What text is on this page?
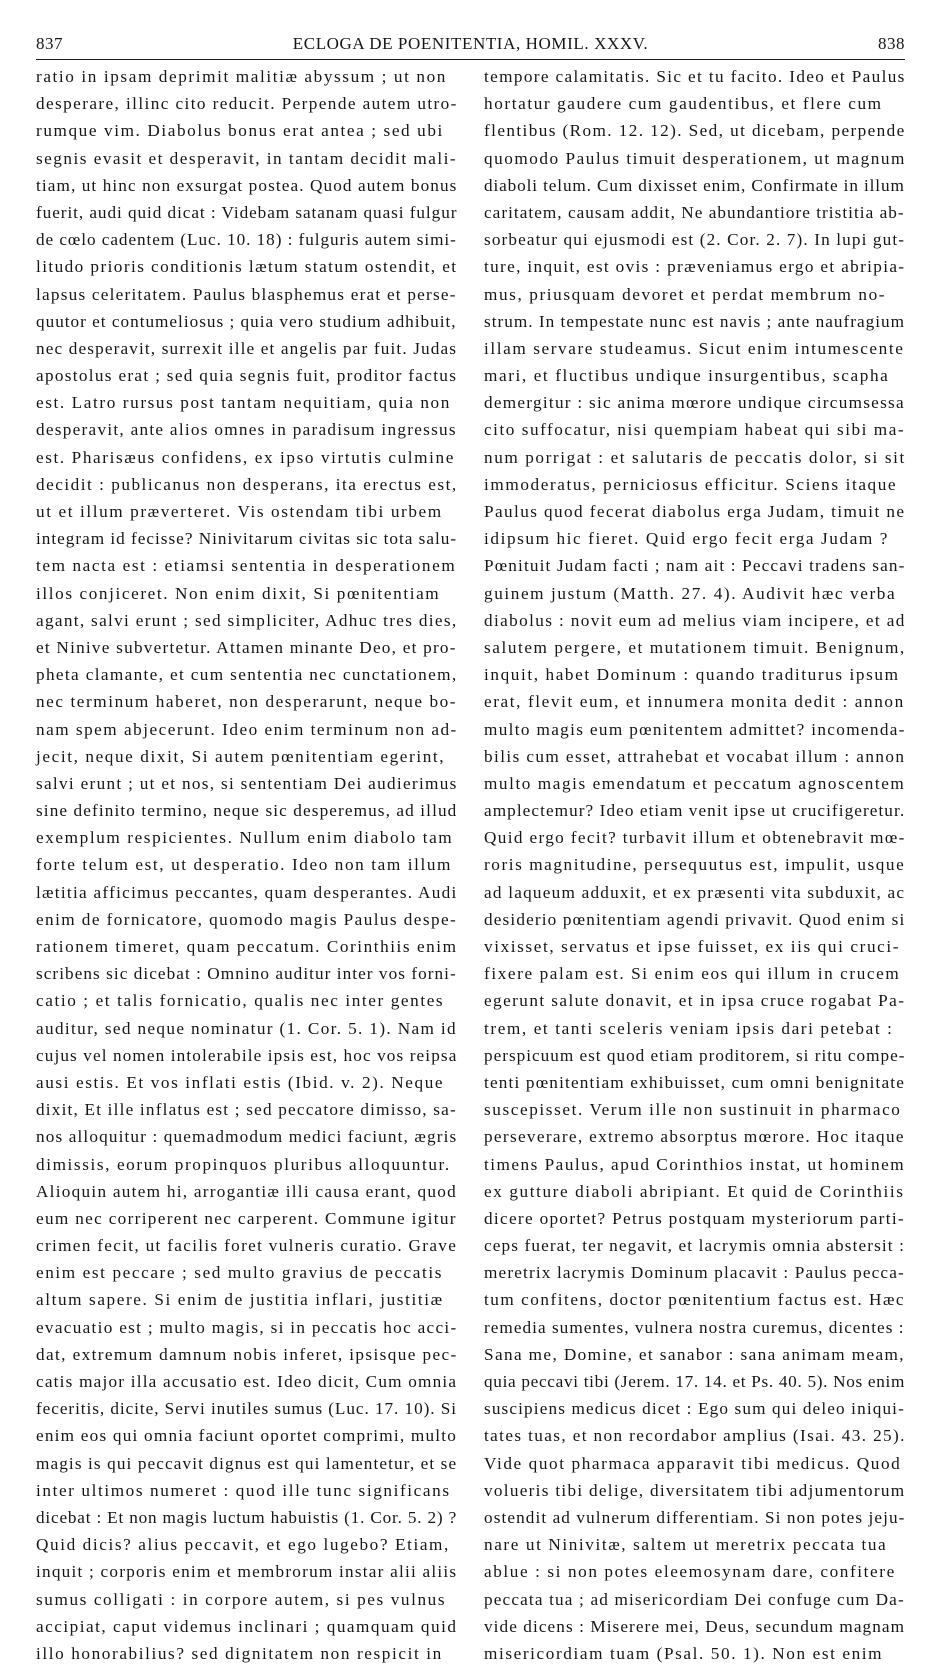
837	ECLOGA DE POENITENTIA, HOMIL. XXXV.	838
ratio in ipsam deprimit malitiæ abyssum ; ut non
desperare, illinc cito reducit. Perpende autem utro-
rumque vim. Diabolus bonus erat antea ; sed ubi
segnis evasit et desperavit, in tantam decidit mali-
tiam, ut hinc non exsurgat postea. Quod autem bonus
fuerit, audi quid dicat : Videbam satanam quasi fulgur
de cœlo cadentem (Luc. 10. 18) : fulguris autem simi-
litudo prioris conditionis lætum statum ostendit, et
lapsus celeritatem. Paulus blasphemus erat et perse-
quutor et contumeliosus ; quia vero studium adhibuit,
nec desperavit, surrexit ille et angelis par fuit. Judas
apostolus erat ; sed quia segnis fuit, proditor factus
est. Latro rursus post tantam nequitiam, quia non
desperavit, ante alios omnes in paradisum ingressus
est. Pharisæus confidens, ex ipso virtutis culmine
decidit : publicanus non desperans, ita erectus est,
ut et illum præverteret. Vis ostendam tibi urbem
integram id fecisse? Ninivitarum civitas sic tota salu-
tem nacta est : etiamsi sententia in desperationem
illos conjiceret. Non enim dixit, Si pœnitentiam
agant, salvi erunt ; sed simpliciter, Adhuc tres dies,
et Ninive subvertetur. Attamen minante Deo, et pro-
pheta clamante, et cum sententia nec cunctationem,
nec terminum haberet, non desperarunt, neque bo-
nam spem abjecerunt. Ideo enim terminum non ad-
jecit, neque dixit, Si autem pœnitentiam egerint,
salvi erunt ; ut et nos, si sententiam Dei audierimus
sine definito termino, neque sic desperemus, ad illud
exemplum respicientes. Nullum enim diabolo tam
forte telum est, ut desperatio. Ideo non tam illum
lætitia afficimus peccantes, quam desperantes. Audi
enim de fornicatore, quomodo magis Paulus despe-
rationem timeret, quam peccatum. Corinthiis enim
scribens sic dicebat : Omnino auditur inter vos forni-
catio ; et talis fornicatio, qualis nec inter gentes
auditur, sed neque nominatur (1. Cor. 5. 1). Nam id
cujus vel nomen intolerabile ipsis est, hoc vos reipsa
ausi estis. Et vos inflati estis (Ibid. v. 2). Neque
dixit, Et ille inflatus est ; sed peccatore dimisso, sa-
nos alloquitur : quemadmodum medici faciunt, ægris
dimissis, eorum propinquos pluribus alloquuntur.
Alioquin autem hi, arrogantiæ illi causa erant, quod
eum nec corriperent nec carperent. Commune igitur
crimen fecit, ut facilis foret vulneris curatio. Grave
enim est peccare ; sed multo gravius de peccatis
altum sapere. Si enim de justitia inflari, justitiæ
evacuatio est ; multo magis, si in peccatis hoc acci-
dat, extremum damnum nobis inferet, ipsisque pec-
catis major illa accusatio est. Ideo dicit, Cum omnia
feceritis, dicite, Servi inutiles sumus (Luc. 17. 10). Si
enim eos qui omnia faciunt oportet comprimi, multo
magis is qui peccavit dignus est qui lamentetur, et se
inter ultimos numeret : quod ille tunc significans
dicebat : Et non magis luctum habuistis (1. Cor. 5. 2) ?
Quid dicis? alius peccavit, et ego lugebo? Etiam,
inquit ; corporis enim et membrorum instar alii aliis
sumus colligati : in corpore autem, si pes vulnus
accipiat, caput videmus inclinari ; quamquam quid
illo honorabilius? sed dignitatem non respicit in
tempore calamitatis. Sic et tu facito. Ideo et Paulus
hortatur gaudere cum gaudentibus, et flere cum
flentibus (Rom. 12. 12). Sed, ut dicebam, perpende
quomodo Paulus timuit desperationem, ut magnum
diaboli telum. Cum dixisset enim, Confirmate in illum
caritatem, causam addit, Ne abundantiore tristitia ab-
sorbeatur qui ejusmodi est (2. Cor. 2. 7). In lupi gut-
ture, inquit, est ovis : præveniamus ergo et abripia-
mus, priusquam devoret et perdat membrum no-
strum. In tempestate nunc est navis ; ante naufragium
illam servare studeamus. Sicut enim intumescente
mari, et fluctibus undique insurgentibus, scapha
demergitur : sic anima mœrore undique circumsessa
cito suffocatur, nisi quempiam habeat qui sibi ma-
num porrigat : et salutaris de peccatis dolor, si sit
immoderatus, perniciosus efficitur. Sciens itaque
Paulus quod fecerat diabolus erga Judam, timuit ne
idipsum hic fieret. Quid ergo fecit erga Judam ?
Pœnituit Judam facti ; nam ait : Peccavi tradens san-
guinem justum (Matth. 27. 4). Audivit hæc verba
diabolus : novit eum ad melius viam incipere, et ad
salutem pergere, et mutationem timuit. Benignum,
inquit, habet Dominum : quando traditurus ipsum
erat, flevit eum, et innumera monita dedit : annon
multo magis eum pœnitentem admittet? incomenda-
bilis cum esset, attrahebat et vocabat illum : annon
multo magis emendatum et peccatum agnoscentem
amplectemur? Ideo etiam venit ipse ut crucifigeretur.
Quid ergo fecit? turbavit illum et obtenebravit mœ-
roris magnitudine, persequutus est, impulit, usque
ad laqueum adduxit, et ex præsenti vita subduxit, ac
desiderio pœnitentiam agendi privavit. Quod enim si
vixisset, servatus et ipse fuisset, ex iis qui cruci-
fixere palam est. Si enim eos qui illum in crucem
egerunt salute donavit, et in ipsa cruce rogabat Pa-
trem, et tanti sceleris veniam ipsis dari petebat :
perspicuum est quod etiam proditorem, si ritu compe-
tenti pœnitentiam exhibuisset, cum omni benignitate
suscepisset. Verum ille non sustinuit in pharmaco
perseverare, extremo absorptus mœrore. Hoc itaque
timens Paulus, apud Corinthios instat, ut hominem
ex gutture diaboli abripiant. Et quid de Corinthiis
dicere oportet? Petrus postquam mysteriorum parti-
ceps fuerat, ter negavit, et lacrymis omnia abstersit :
meretrix lacrymis Dominum placavit : Paulus pecca-
tum confitens, doctor pœnitentium factus est. Hæc
remedia sumentes, vulnera nostra curemus, dicentes :
Sana me, Domine, et sanabor : sana animam meam,
quia peccavi tibi (Jerem. 17. 14. et Ps. 40. 5). Nos enim
suscipiens medicus dicet : Ego sum qui deleo iniqui-
tates tuas, et non recordabor amplius (Isai. 43. 25).
Vide quot pharmaca apparavit tibi medicus. Quod
volueris tibi delige, diversitatem tibi adjumentorum
ostendit ad vulnerum differentiam. Si non potes jeju-
nare ut Ninivitæ, saltem ut meretrix peccata tua
ablue : si non potes eleemosynam dare, confitere
peccata tua ; ad misericordiam Dei confuge cum Da-
vide dicens : Miserere mei, Deus, secundum magnam
misericordiam tuam (Psal. 50. 1). Non est enim
